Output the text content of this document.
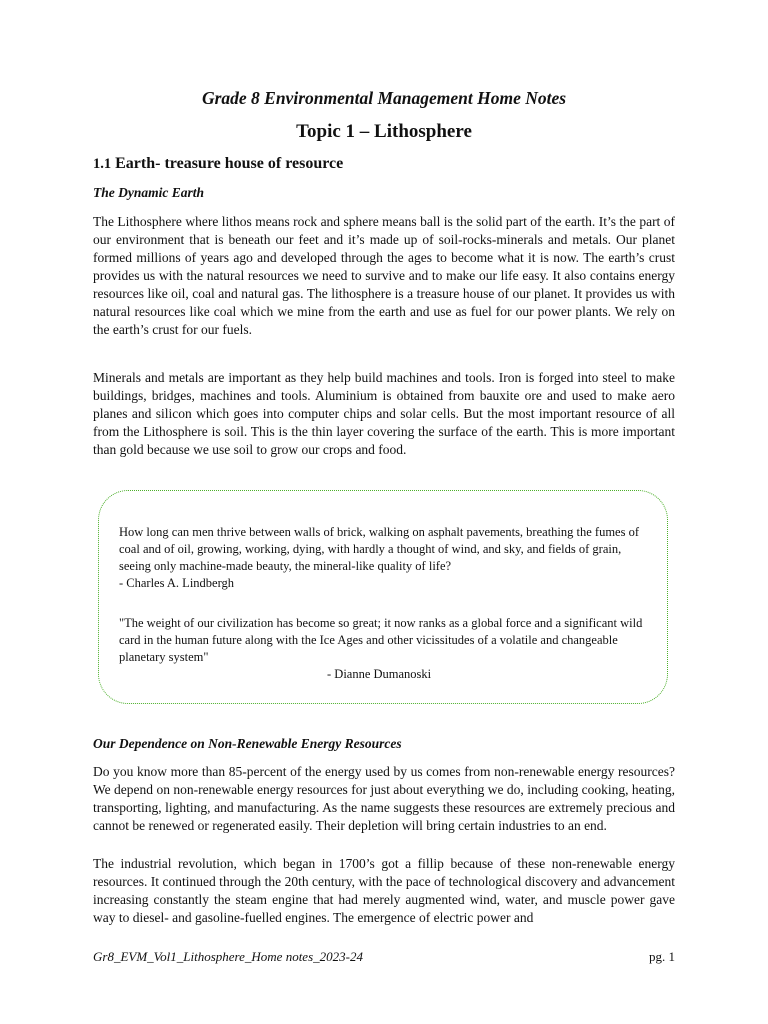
Grade 8 Environmental Management Home Notes
Topic 1 – Lithosphere
1.1 Earth- treasure house of resource
The Dynamic Earth

The Lithosphere where lithos means rock and sphere means ball is the solid part of the earth. It’s the part of our environment that is beneath our feet and it’s made up of soil-rocks-minerals and metals. Our planet formed millions of years ago and developed through the ages to become what it is now. The earth’s crust provides us with the natural resources we need to survive and to make our life easy. It also contains energy resources like oil, coal and natural gas. The lithosphere is a treasure house of our planet. It provides us with natural resources like coal which we mine from the earth and use as fuel for our power plants. We rely on the earth’s crust for our fuels.

Minerals and metals are important as they help build machines and tools. Iron is forged into steel to make buildings, bridges, machines and tools. Aluminium is obtained from bauxite ore and used to make aero planes and silicon which goes into computer chips and solar cells. But the most important resource of all from the Lithosphere is soil. This is the thin layer covering the surface of the earth. This is more important than gold because we use soil to grow our crops and food.

How long can men thrive between walls of brick, walking on asphalt pavements, breathing the fumes of coal and of oil, growing, working, dying, with hardly a thought of wind, and sky, and fields of grain, seeing only machine-made beauty, the mineral-like quality of life?
- Charles A. Lindbergh

"The weight of our civilization has become so great; it now ranks as a global force and a significant wild card in the human future along with the Ice Ages and other vicissitudes of a volatile and changeable planetary system"
- Dianne Dumanoski

Our Dependence on Non-Renewable Energy Resources

Do you know more than 85-percent of the energy used by us comes from non-renewable energy resources? We depend on non-renewable energy resources for just about everything we do, including cooking, heating, transporting, lighting, and manufacturing. As the name suggests these resources are extremely precious and cannot be renewed or regenerated easily. Their depletion will bring certain industries to an end.

The industrial revolution, which began in 1700’s got a fillip because of these non-renewable energy resources. It continued through the 20th century, with the pace of technological discovery and advancement increasing constantly the steam engine that had merely augmented wind, water, and muscle power gave way to diesel- and gasoline-fuelled engines. The emergence of electric power and

Gr8_EVM_Vol1_Lithosphere_Home notes_2023-24	pg. 1
